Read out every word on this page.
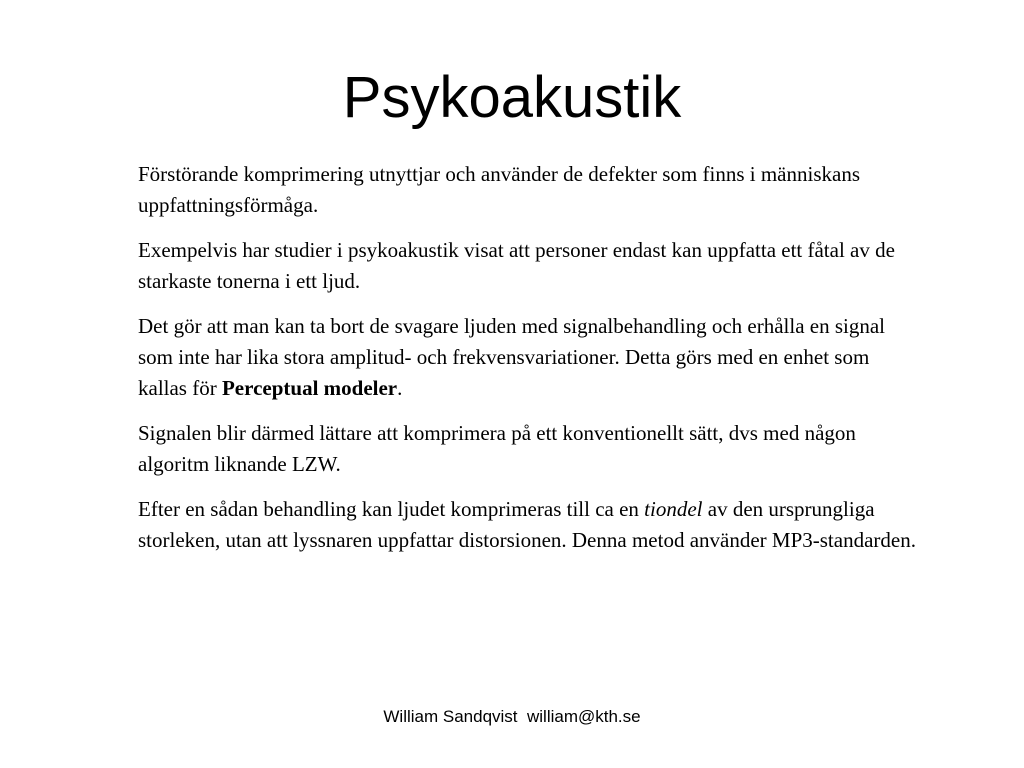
Psykoakustik

Förstörande komprimering utnyttjar och använder de defekter som finns i människans uppfattningsförmåga.

Exempelvis har studier i psykoakustik visat att personer endast kan uppfatta ett fåtal av de starkaste tonerna i ett ljud.

Det gör att man kan ta bort de svagare ljuden med signalbehandling och erhålla en signal som inte har lika stora amplitud- och frekvensvariationer. Detta görs med en enhet som kallas för Perceptual modeler.

Signalen blir därmed lättare att komprimera på ett konventionellt sätt, dvs med någon algoritm liknande LZW.

Efter en sådan behandling kan ljudet komprimeras till ca en tiondel av den ursprungliga storleken, utan att lyssnaren uppfattar distorsionen. Denna metod använder MP3-standarden.

William Sandqvist william@kth.se
